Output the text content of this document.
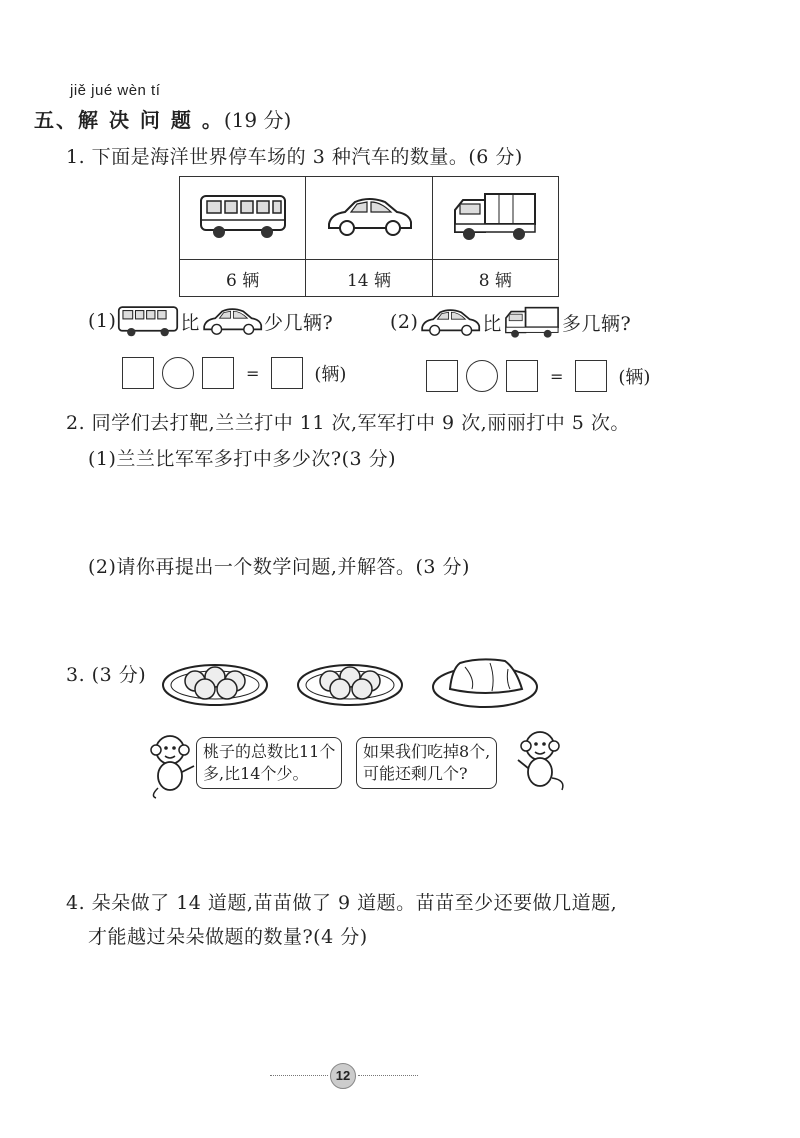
jiě jué wèn tí
五、解 决 问 题 。(19 分)
1. 下面是海洋世界停车场的 3 种汽车的数量。(6 分)

6 辆	14 辆	8 辆
(1)	比	少几辆?
=	(辆)
(2)	比	多几辆?
=	(辆)
2. 同学们去打靶,兰兰打中 11 次,军军打中 9 次,丽丽打中 5 次。
(1)兰兰比军军多打中多少次?(3 分)
(2)请你再提出一个数学问题,并解答。(3 分)
3. (3 分)
桃子的总数比11个
多,比14个少。
如果我们吃掉8个,
可能还剩几个?
4. 朵朵做了 14 道题,苗苗做了 9 道题。苗苗至少还要做几道题,
才能越过朵朵做题的数量?(4 分)
12
